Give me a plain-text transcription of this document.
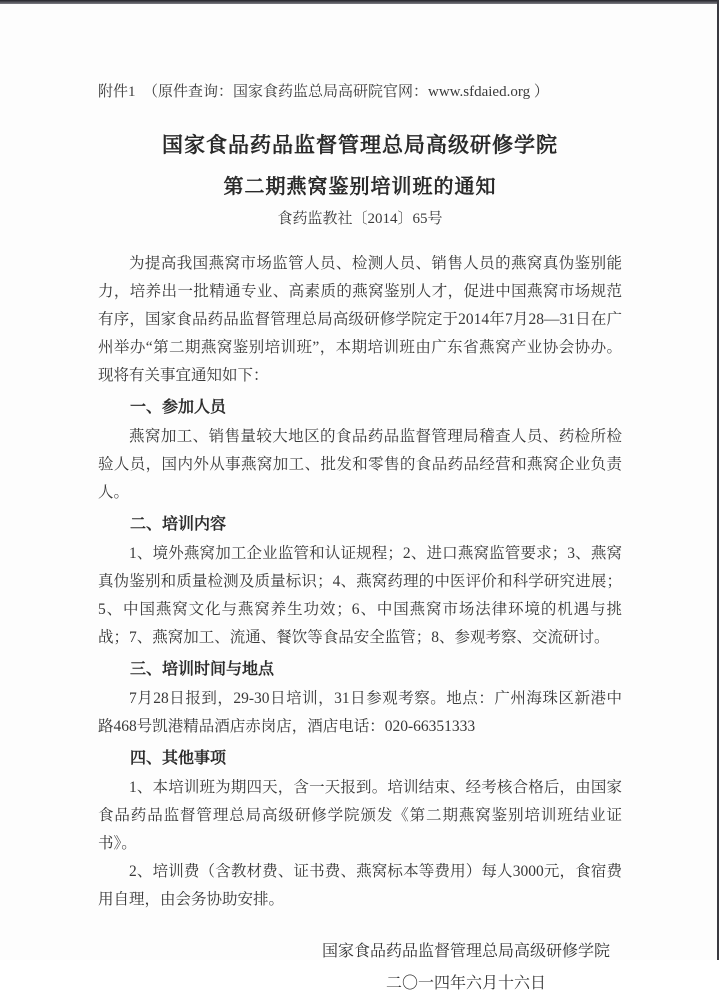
附件1　（原件查询：国家食药监总局高研院官网：www.sfdaied.org ）

国家食品药品监督管理总局高级研修学院
第二期燕窝鉴别培训班的通知

食药监教社〔2014〕65号

为提高我国燕窝市场监管人员、检测人员、销售人员的燕窝真伪鉴别能力，培养出一批精通专业、高素质的燕窝鉴别人才，促进中国燕窝市场规范有序，国家食品药品监督管理总局高级研修学院定于2014年7月28—31日在广州举办“第二期燕窝鉴别培训班”，本期培训班由广东省燕窝产业协会协办。现将有关事宜通知如下：

一、参加人员

燕窝加工、销售量较大地区的食品药品监督管理局稽查人员、药检所检验人员，国内外从事燕窝加工、批发和零售的食品药品经营和燕窝企业负责人。

二、培训内容

1、境外燕窝加工企业监管和认证规程；2、进口燕窝监管要求；3、燕窝真伪鉴别和质量检测及质量标识；4、燕窝药理的中医评价和科学研究进展；5、中国燕窝文化与燕窝养生功效；6、中国燕窝市场法律环境的机遇与挑战；7、燕窝加工、流通、餐饮等食品安全监管；8、参观考察、交流研讨。

三、培训时间与地点

7月28日报到，29-30日培训，31日参观考察。地点：广州海珠区新港中路468号凯港精品酒店赤岗店，酒店电话：020-66351333

四、其他事项

1、本培训班为期四天，含一天报到。培训结束、经考核合格后，由国家食品药品监督管理总局高级研修学院颁发《第二期燕窝鉴别培训班结业证书》。

2、培训费（含教材费、证书费、燕窝标本等费用）每人3000元，食宿费用自理，由会务协助安排。

国家食品药品监督管理总局高级研修学院

二〇一四年六月十六日
